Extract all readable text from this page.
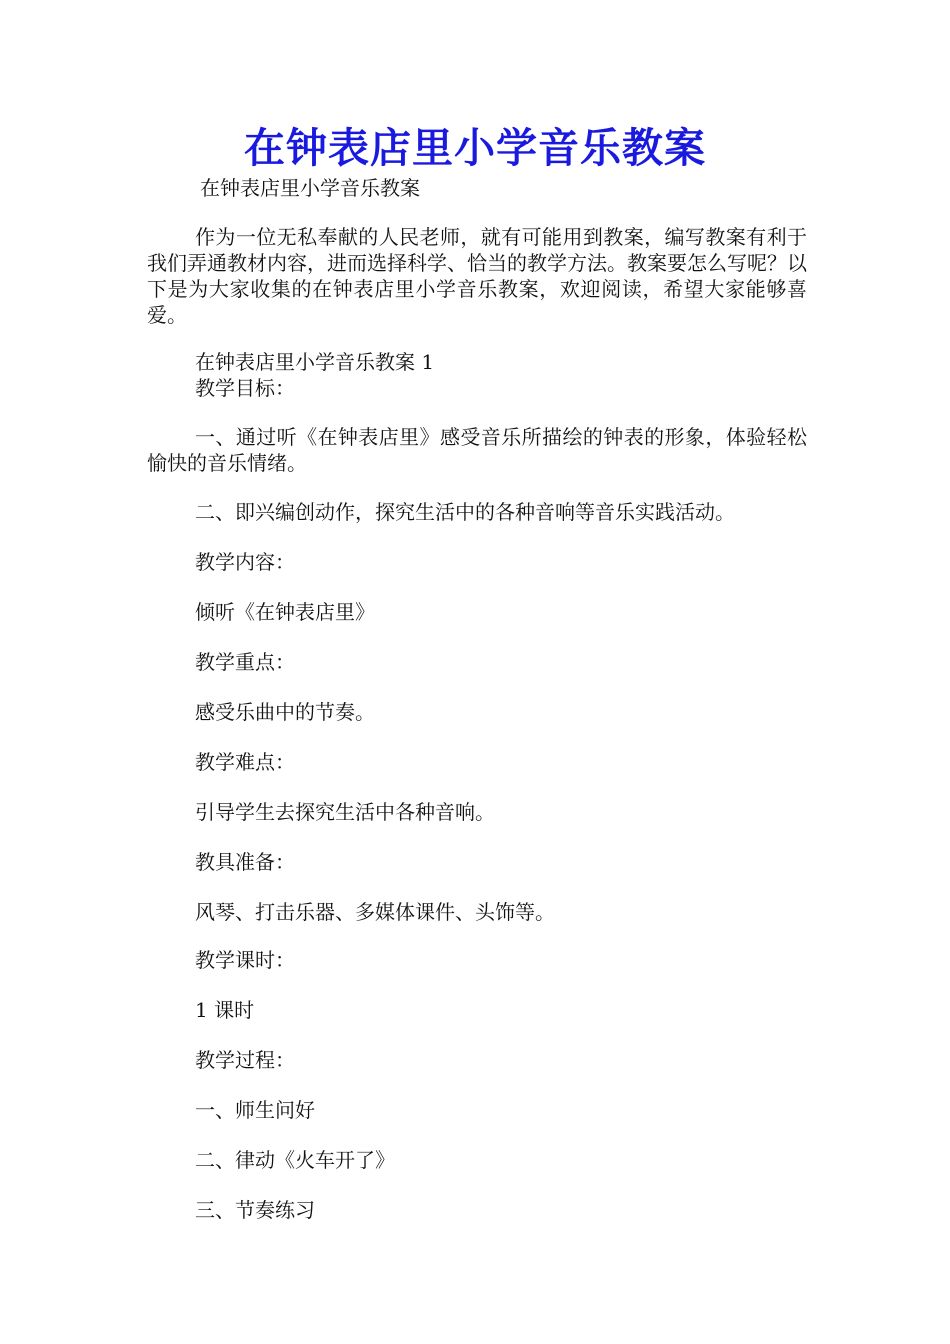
在钟表店里小学音乐教案

在钟表店里小学音乐教案

作为一位无私奉献的人民老师，就有可能用到教案，编写教案有利于我们弄通教材内容，进而选择科学、恰当的教学方法。教案要怎么写呢？以下是为大家收集的在钟表店里小学音乐教案，欢迎阅读，希望大家能够喜爱。

在钟表店里小学音乐教案 1

教学目标：

一、通过听《在钟表店里》感受音乐所描绘的钟表的形象，体验轻松愉快的音乐情绪。

二、即兴编创动作，探究生活中的各种音响等音乐实践活动。

教学内容：

倾听《在钟表店里》

教学重点：

感受乐曲中的节奏。

教学难点：

引导学生去探究生活中各种音响。

教具准备：

风琴、打击乐器、多媒体课件、头饰等。

教学课时：

1 课时

教学过程：

一、师生问好

二、律动《火车开了》

三、节奏练习
